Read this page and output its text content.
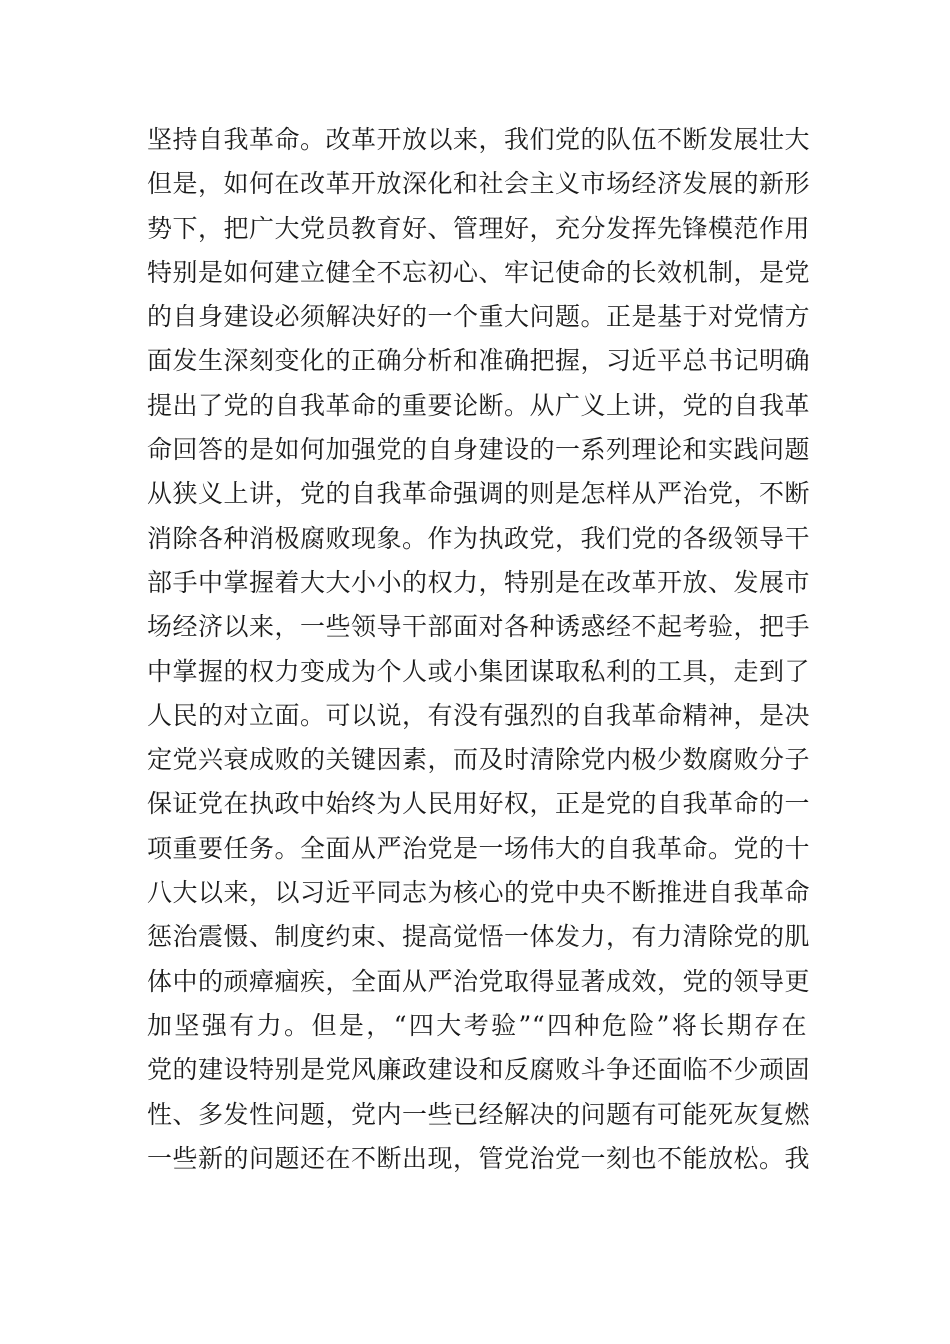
坚持自我革命。改革开放以来，我们党的队伍不断发展壮大
但是，如何在改革开放深化和社会主义市场经济发展的新形
势下，把广大党员教育好、管理好，充分发挥先锋模范作用
特别是如何建立健全不忘初心、牢记使命的长效机制，是党
的自身建设必须解决好的一个重大问题。正是基于对党情方
面发生深刻变化的正确分析和准确把握，习近平总书记明确
提出了党的自我革命的重要论断。从广义上讲，党的自我革
命回答的是如何加强党的自身建设的一系列理论和实践问题
从狭义上讲，党的自我革命强调的则是怎样从严治党，不断
消除各种消极腐败现象。作为执政党，我们党的各级领导干
部手中掌握着大大小小的权力，特别是在改革开放、发展市
场经济以来，一些领导干部面对各种诱惑经不起考验，把手
中掌握的权力变成为个人或小集团谋取私利的工具，走到了
人民的对立面。可以说，有没有强烈的自我革命精神，是决
定党兴衰成败的关键因素，而及时清除党内极少数腐败分子
保证党在执政中始终为人民用好权，正是党的自我革命的一
项重要任务。全面从严治党是一场伟大的自我革命。党的十
八大以来，以习近平同志为核心的党中央不断推进自我革命
惩治震慑、制度约束、提高觉悟一体发力，有力清除党的肌
体中的顽瘴痼疾，全面从严治党取得显著成效，党的领导更
加坚强有力。但是，“四大考验”“四种危险”将长期存在
党的建设特别是党风廉政建设和反腐败斗争还面临不少顽固
性、多发性问题，党内一些已经解决的问题有可能死灰复燃
一些新的问题还在不断出现，管党治党一刻也不能放松。我
